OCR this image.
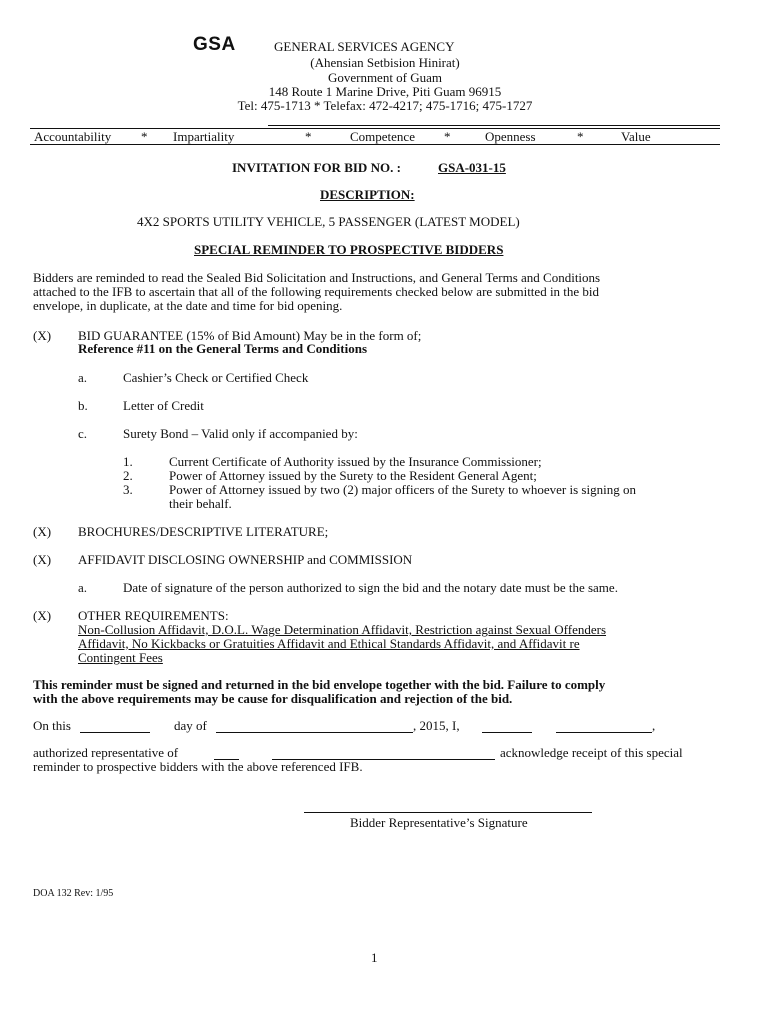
GSA	GENERAL SERVICES AGENCY
(Ahensian Setbision Hinirat)
Government of Guam
148 Route 1 Marine Drive, Piti Guam 96915
Tel: 475-1713 * Telefax: 472-4217; 475-1716; 475-1727
Accountability * Impartiality	*	Competence *	Openness	*	Value
INVITATION FOR BID NO. :	GSA-031-15
DESCRIPTION:
4X2 SPORTS UTILITY VEHICLE, 5 PASSENGER (LATEST MODEL)
SPECIAL REMINDER TO PROSPECTIVE BIDDERS
Bidders are reminded to read the Sealed Bid Solicitation and Instructions, and General Terms and Conditions
attached to the IFB to ascertain that all of the following requirements checked below are submitted in the bid
envelope, in duplicate, at the date and time for bid opening.
(X) BID GUARANTEE (15% of Bid Amount) May be in the form of;
Reference #11 on the General Terms and Conditions
a.	Cashier’s Check or Certified Check
b.	Letter of Credit
c.	Surety Bond – Valid only if accompanied by:
1.	Current Certificate of Authority issued by the Insurance Commissioner;
2.	Power of Attorney issued by the Surety to the Resident General Agent;
3.	Power of Attorney issued by two (2) major officers of the Surety to whoever is signing on
their behalf.
(X) BROCHURES/DESCRIPTIVE LITERATURE;
(X) AFFIDAVIT DISCLOSING OWNERSHIP and COMMISSION
a.	Date of signature of the person authorized to sign the bid and the notary date must be the same.
(X) OTHER REQUIREMENTS:
Non-Collusion Affidavit, D.O.L. Wage Determination Affidavit, Restriction against Sexual Offenders
Affidavit, No Kickbacks or Gratuities Affidavit and Ethical Standards Affidavit, and Affidavit re
Contingent Fees
This reminder must be signed and returned in the bid envelope together with the bid. Failure to comply
with the above requirements may be cause for disqualification and rejection of the bid.
On this	day of	, 2015, I,	,
authorized representative of	acknowledge receipt of this special
reminder to prospective bidders with the above referenced IFB.
Bidder Representative’s Signature
DOA 132 Rev: 1/95
1
